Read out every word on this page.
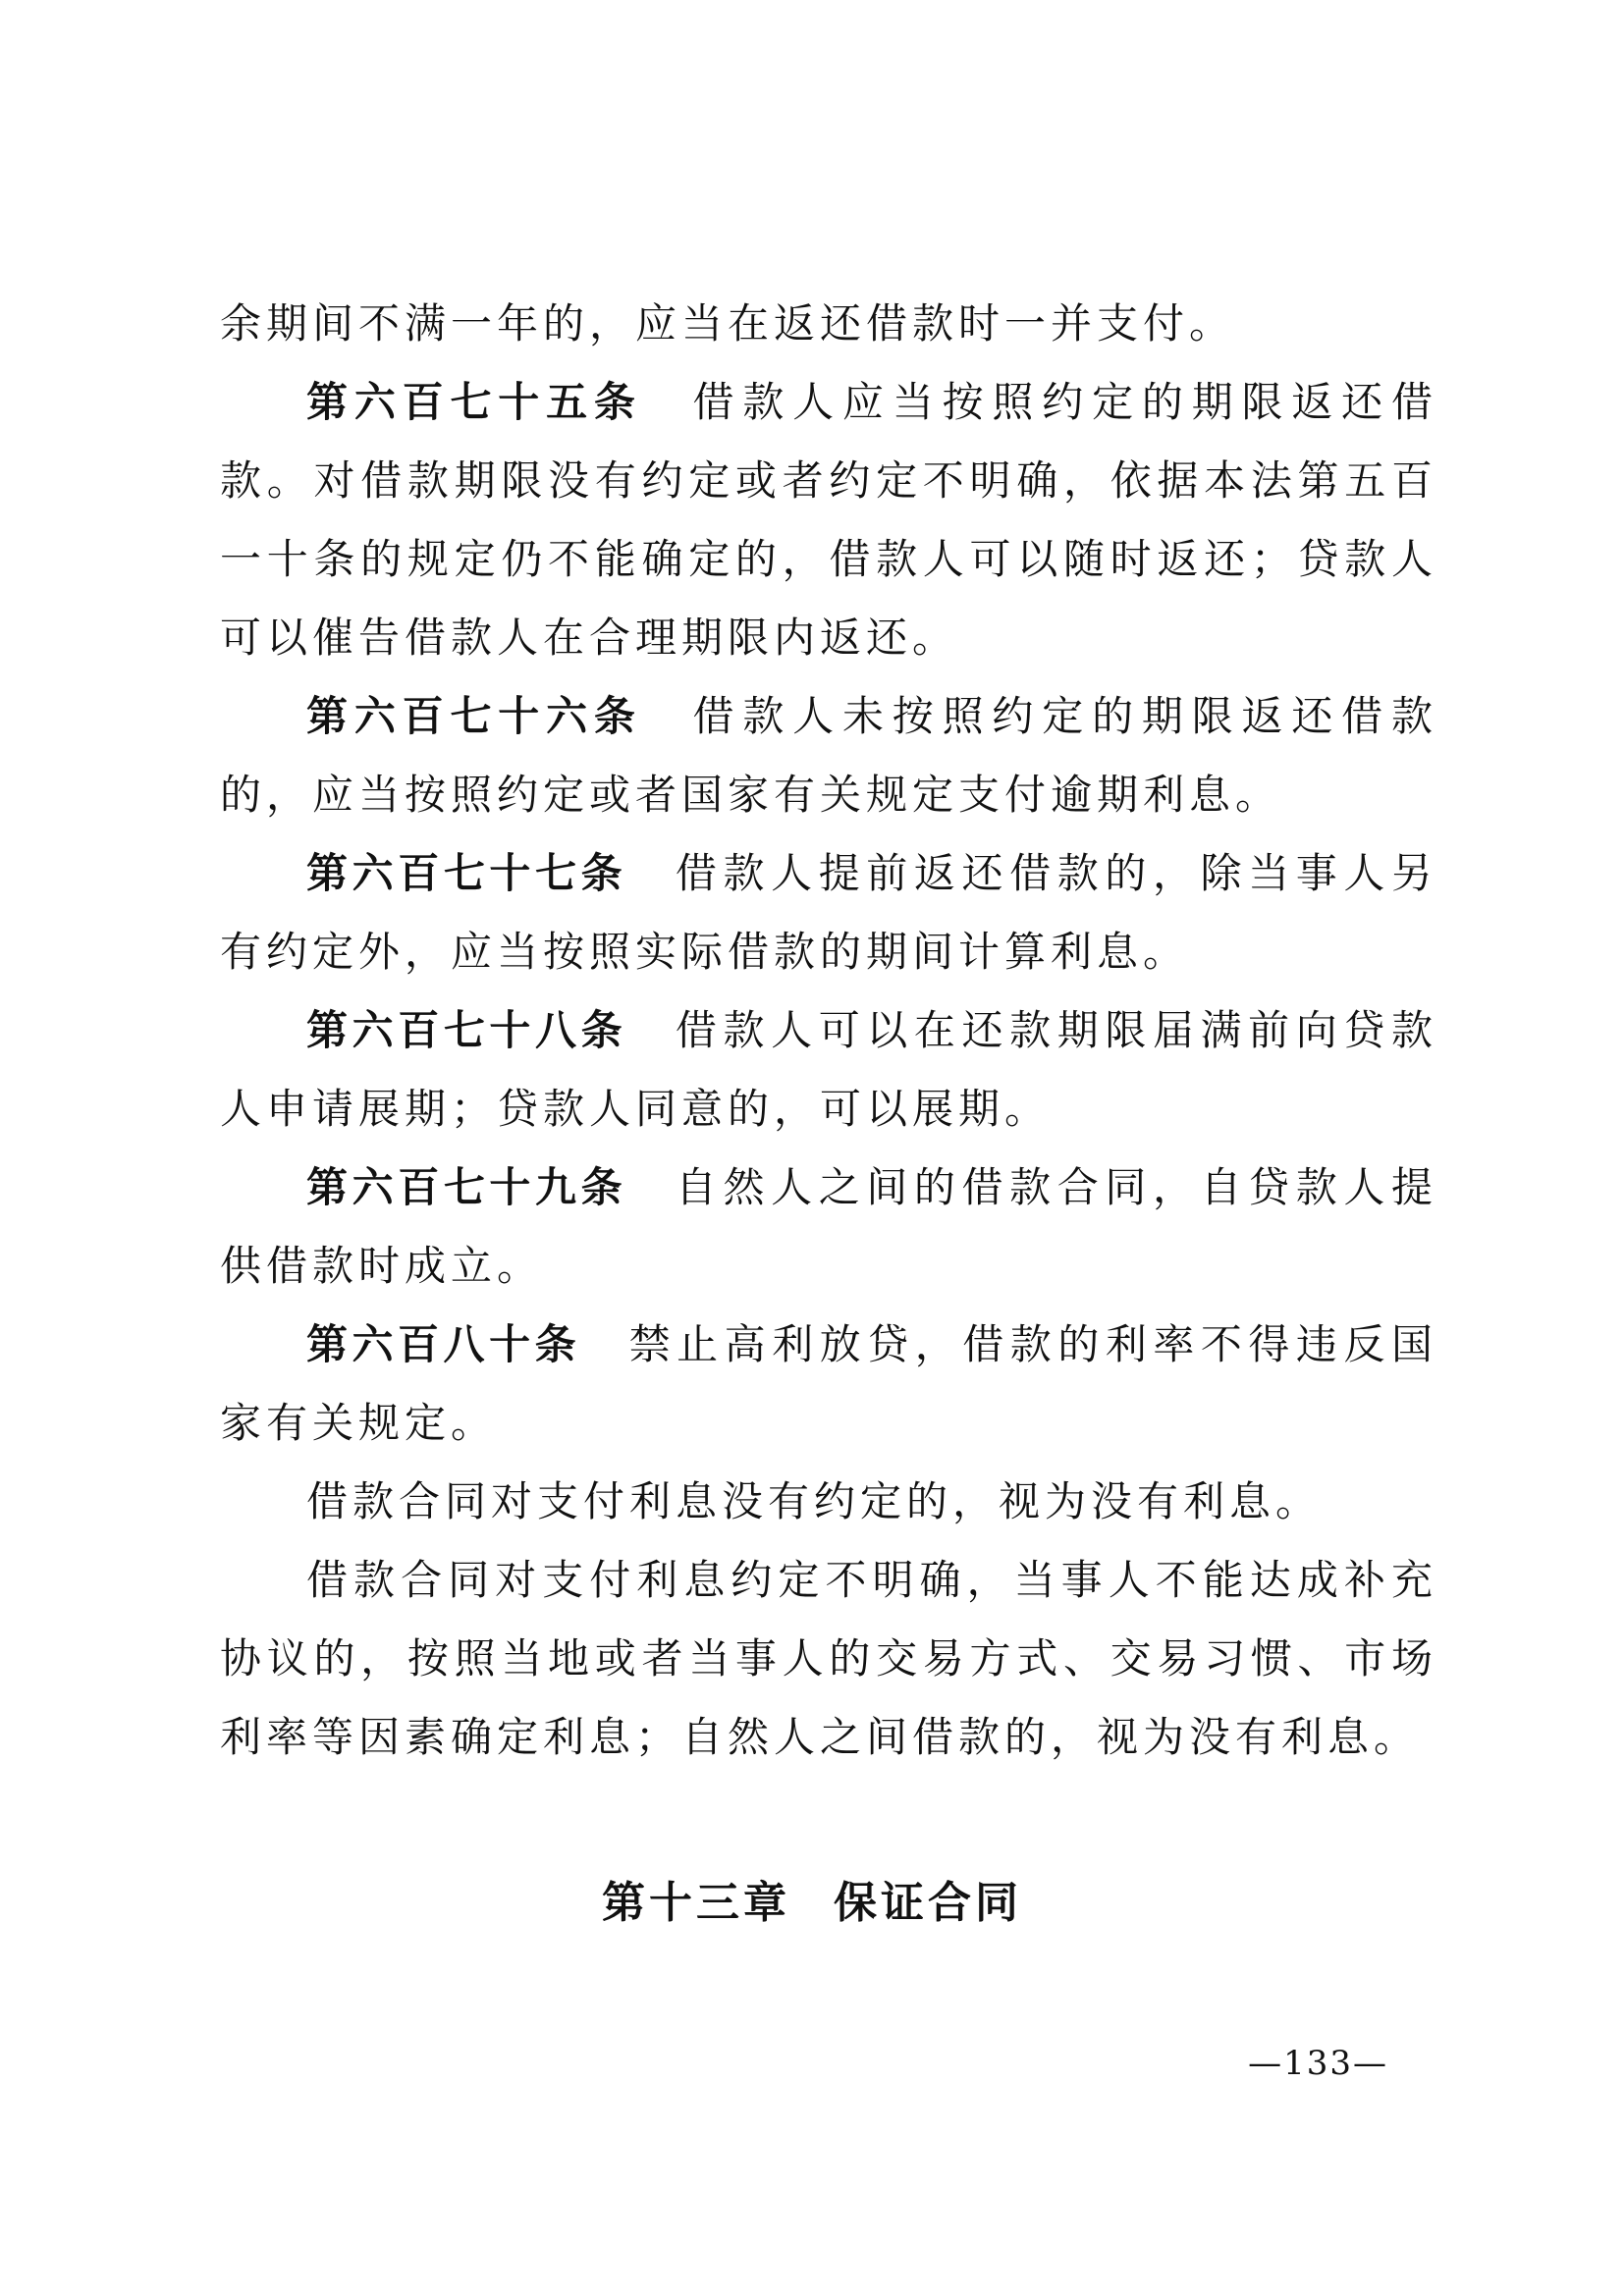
余期间不满一年的，应当在返还借款时一并支付。

第六百七十五条 借款人应当按照约定的期限返还借款。对借款期限没有约定或者约定不明确，依据本法第五百一十条的规定仍不能确定的，借款人可以随时返还；贷款人可以催告借款人在合理期限内返还。

第六百七十六条 借款人未按照约定的期限返还借款的，应当按照约定或者国家有关规定支付逾期利息。

第六百七十七条 借款人提前返还借款的，除当事人另有约定外，应当按照实际借款的期间计算利息。

第六百七十八条 借款人可以在还款期限届满前向贷款人申请展期；贷款人同意的，可以展期。

第六百七十九条 自然人之间的借款合同，自贷款人提供借款时成立。

第六百八十条 禁止高利放贷，借款的利率不得违反国家有关规定。

借款合同对支付利息没有约定的，视为没有利息。

借款合同对支付利息约定不明确，当事人不能达成补充协议的，按照当地或者当事人的交易方式、交易习惯、市场利率等因素确定利息；自然人之间借款的，视为没有利息。

第十三章 保证合同
—133—
